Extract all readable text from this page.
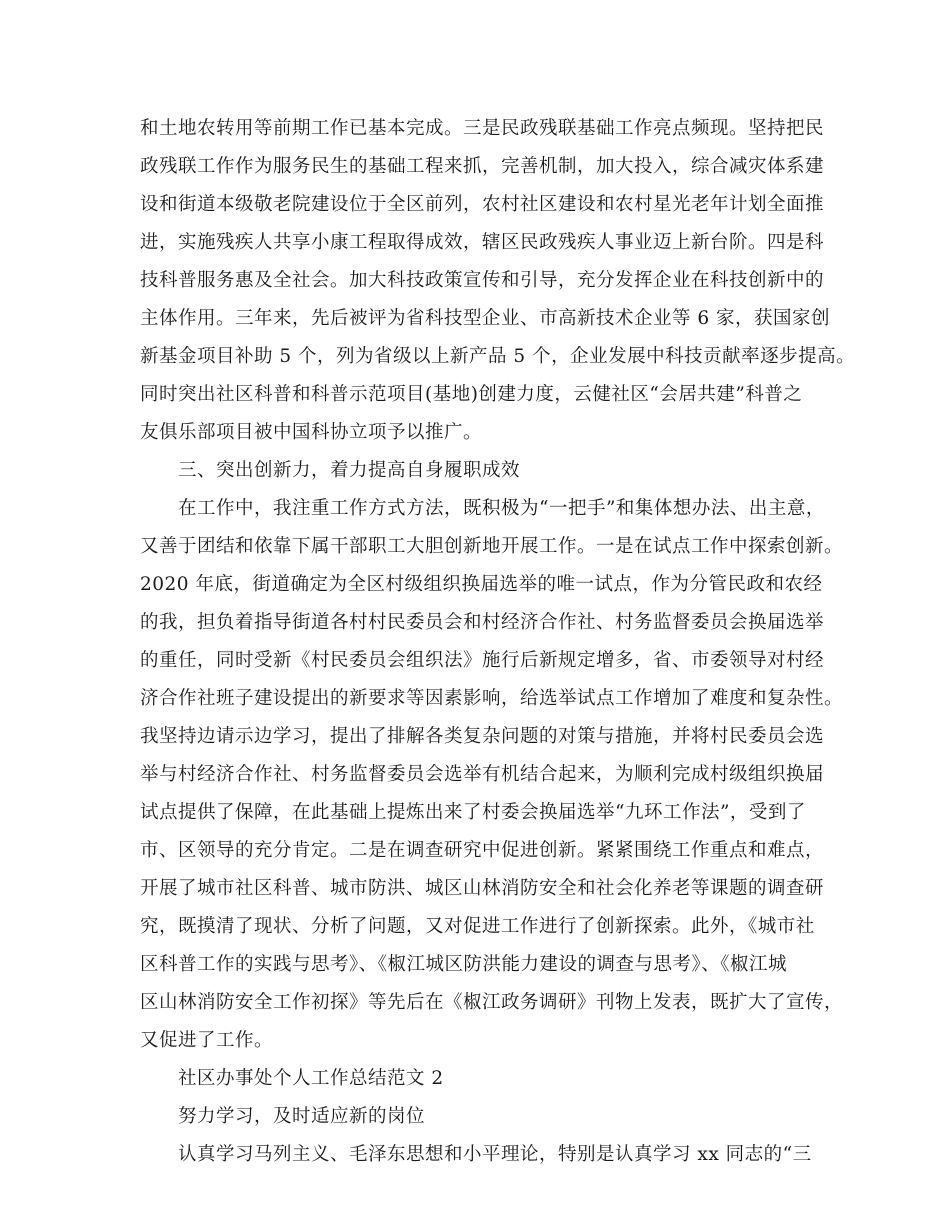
和土地农转用等前期工作已基本完成。三是民政残联基础工作亮点频现。坚持把民
政残联工作作为服务民生的基础工程来抓，完善机制，加大投入，综合减灾体系建
设和街道本级敬老院建设位于全区前列，农村社区建设和农村星光老年计划全面推
进，实施残疾人共享小康工程取得成效，辖区民政残疾人事业迈上新台阶。四是科
技科普服务惠及全社会。加大科技政策宣传和引导，充分发挥企业在科技创新中的
主体作用。三年来，先后被评为省科技型企业、市高新技术企业等 6 家，获国家创
新基金项目补助 5 个，列为省级以上新产品 5 个，企业发展中科技贡献率逐步提高。
同时突出社区科普和科普示范项目(基地)创建力度，云健社区“会居共建”科普之
友俱乐部项目被中国科协立项予以推广。
三、突出创新力，着力提高自身履职成效
在工作中，我注重工作方式方法，既积极为“一把手”和集体想办法、出主意，
又善于团结和依靠下属干部职工大胆创新地开展工作。一是在试点工作中探索创新。
2020 年底，街道确定为全区村级组织换届选举的唯一试点，作为分管民政和农经
的我，担负着指导街道各村村民委员会和村经济合作社、村务监督委员会换届选举
的重任，同时受新《村民委员会组织法》施行后新规定增多，省、市委领导对村经
济合作社班子建设提出的新要求等因素影响，给选举试点工作增加了难度和复杂性。
我坚持边请示边学习，提出了排解各类复杂问题的对策与措施，并将村民委员会选
举与村经济合作社、村务监督委员会选举有机结合起来，为顺利完成村级组织换届
试点提供了保障，在此基础上提炼出来了村委会换届选举“九环工作法”，受到了
市、区领导的充分肯定。二是在调查研究中促进创新。紧紧围绕工作重点和难点，
开展了城市社区科普、城市防洪、城区山林消防安全和社会化养老等课题的调查研
究，既摸清了现状、分析了问题，又对促进工作进行了创新探索。此外，《城市社
区科普工作的实践与思考》、《椒江城区防洪能力建设的调查与思考》、《椒江城
区山林消防安全工作初探》等先后在《椒江政务调研》刊物上发表，既扩大了宣传，
又促进了工作。
社区办事处个人工作总结范文 2
努力学习，及时适应新的岗位
认真学习马列主义、毛泽东思想和小平理论，特别是认真学习 xx 同志的“三
